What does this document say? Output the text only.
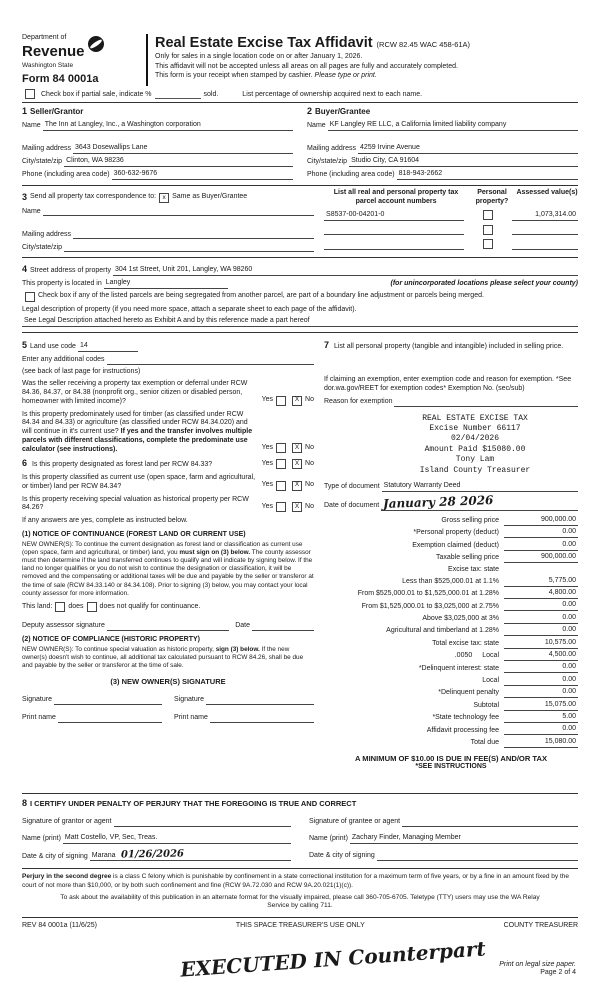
Department of
Revenue
Washington State
Form 84 0001a
Real Estate Excise Tax Affidavit (RCW 82.45 WAC 458-61A)
Only for sales in a single location code on or after January 1, 2026.
This affidavit will not be accepted unless all areas on all pages are fully and accurately completed.
This form is your receipt when stamped by cashier. Please type or print.
Check box if partial sale, indicate %	sold.	List percentage of ownership acquired next to each name.
1 Seller/Grantor
Name The Inn at Langley, Inc., a Washington corporation
Mailing address 3643 Dosewallips Lane
City/state/zip Clinton, WA 98236
Phone (including area code) 360-632-9676
2 Buyer/Grantee
Name KF Langley RE LLC, a California limited liability company
Mailing address 4259 Irvine Avenue
City/state/zip Studio City, CA 91604
Phone (including area code) 818-943-2662
3 Send all property tax correspondence to: x Same as Buyer/Grantee
Name
Mailing address
City/state/zip
List all real and personal property tax parcel account numbers
Personal property?
Assessed value(s)
S8537-00-04201-0	1,073,314.00
4 Street address of property 304 1st Street, Unit 201, Langley, WA 98260
This property is located in Langley	(for unincorporated locations please select your county)
Check box if any of the listed parcels are being segregated from another parcel, are part of a boundary line adjustment or parcels being merged.
Legal description of property (if you need more space, attach a separate sheet to each page of the affidavit).
See Legal Description attached hereto as Exhibit A and by this reference made a part hereof
5 Land use code 14
Enter any additional codes
(see back of last page for instructions)
Was the seller receiving a property tax exemption or deferral under RCW 84.36, 84.37, or 84.38 (nonprofit org., senior citizen or disabled person, homeowner with limited income)?	Yes	X No
Is this property predominately used for timber (as classified under RCW 84.34 and 84.33) or agriculture (as classified under RCW 84.34.020) and will continue in it's current use? If yes and the transfer involves multiple parcels with different classifications, complete the predominate use calculator (see instructions).	Yes	X No
6 Is this property designated as forest land per RCW 84.33?	Yes	X No
Is this property classified as current use (open space, farm and agricultural, or timber) land per RCW 84.34?	Yes	X No
Is this property receiving special valuation as historical property per RCW 84.26?	Yes	X No
If any answers are yes, complete as instructed below.
(1) NOTICE OF CONTINUANCE (FOREST LAND OR CURRENT USE)
NEW OWNER(S): To continue the current designation as forest land or classification as current use (open space, farm and agricultural, or timber) land, you must sign on (3) below. The county assessor must then determine if the land transferred continues to qualify and will indicate by signing below. If the land no longer qualifies or you do not wish to continue the designation or classification, it will be removed and the compensating or additional taxes will be due and payable by the seller or transferor at the time of sale (RCW 84.33.140 or 84.34.108). Prior to signing (3) below, you may contact your local county assessor for more information.
This land: does does not qualify for continuance.
Deputy assessor signature	Date
(2) NOTICE OF COMPLIANCE (HISTORIC PROPERTY)
NEW OWNER(S): To continue special valuation as historic property, sign (3) below. If the new owner(s) doesn't wish to continue, all additional tax calculated pursuant to RCW 84.26, shall be due and payable by the seller or transferor at the time of sale.
(3) NEW OWNER(S) SIGNATURE
Signature	Signature
Print name	Print name
7 List all personal property (tangible and intangible) included in selling price.
If claiming an exemption, enter exemption code and reason for exemption. *See dor.wa.gov/REET for exemption codes* Exemption No. (sec/sub)
Reason for exemption
REAL ESTATE EXCISE TAX
Excise Number 66117
02/04/2026
Amount Paid $15080.00
Tony Lam
Island County Treasurer
Type of document Statutory Warranty Deed
Date of document January 28 2026
Gross selling price	900,000.00
*Personal property (deduct)	0.00
Exemption claimed (deduct)	0.00
Taxable selling price	900,000.00
Excise tax: state
Less than $525,000.01 at 1.1%	5,775.00
From $525,000.01 to $1,525,000.01 at 1.28%	4,800.00
From $1,525,000.01 to $3,025,000 at 2.75%	0.00
Above $3,025,000 at 3%	0.00
Agricultural and timberland at 1.28%	0.00
Total excise tax: state	10,575.00
.0050 Local	4,500.00
*Delinquent interest: state	0.00
Local	0.00
*Delinquent penalty	0.00
Subtotal	15,075.00
*State technology fee	5.00
Affidavit processing fee	0.00
Total due	15,080.00
A MINIMUM OF $10.00 IS DUE IN FEE(S) AND/OR TAX
*SEE INSTRUCTIONS
8 I CERTIFY UNDER PENALTY OF PERJURY THAT THE FOREGOING IS TRUE AND CORRECT
Signature of grantor or agent
Name (print) Matt Costello, VP, Sec, Treas.
Date & city of signing Marana 01/26/2026
Signature of grantee or agent
Name (print) Zachary Finder, Managing Member
Date & city of signing
Perjury in the second degree is a class C felony which is punishable by confinement in a state correctional institution for a maximum term of five years, or by a fine in an amount fixed by the court of not more than $10,000, or by both such confinement and fine (RCW 9A.72.030 and RCW 9A.20.021(1)(c)).
To ask about the availability of this publication in an alternate format for the visually impaired, please call 360-705-6705. Teletype (TTY) users may use the WA Relay Service by calling 711.
REV 84 0001a (11/6/25)	THIS SPACE TREASURER'S USE ONLY	COUNTY TREASURER
EXECUTED IN Counterpart Print on legal size paper.
Page 2 of 4
